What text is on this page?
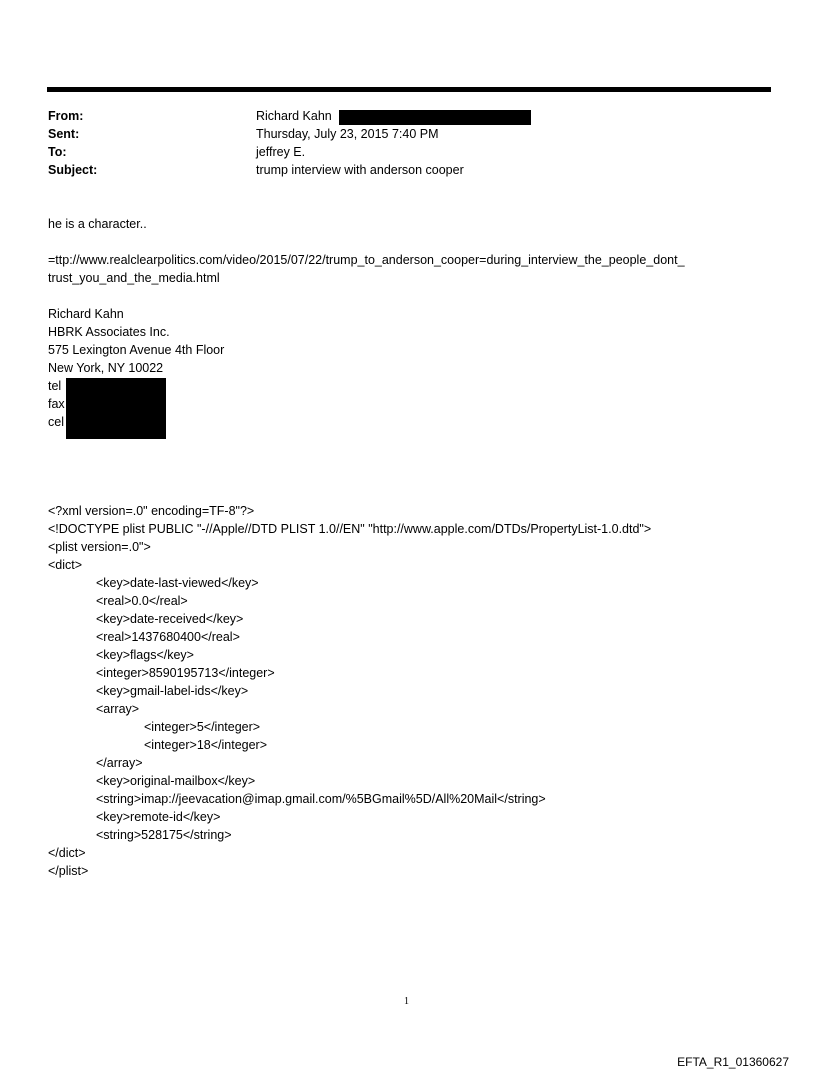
From:	Richard Kahn
Sent:	Thursday, July 23, 2015 7:40 PM
To:	jeffrey E.
Subject:	trump interview with anderson cooper
he is a character..
=ttp://www.realclearpolitics.com/video/2015/07/22/trump_to_anderson_cooper=during_interview_the_people_dont_
trust_you_and_the_media.html
Richard Kahn
HBRK Associates Inc.
575 Lexington Avenue 4th Floor
New York, NY 10022
tel
fax
cel
<?xml version=.0" encoding=TF-8"?>
<!DOCTYPE plist PUBLIC "-//Apple//DTD PLIST 1.0//EN" "http://www.apple.com/DTDs/PropertyList-1.0.dtd">
<plist version=.0">
<dict>
<key>date-last-viewed</key>
<real>0.0</real>
<key>date-received</key>
<real>1437680400</real>
<key>flags</key>
<integer>8590195713</integer>
<key>gmail-label-ids</key>
<array>
<integer>5</integer>
<integer>18</integer>
</array>
<key>original-mailbox</key>
<string>imap://jeevacation@imap.gmail.com/%5BGmail%5D/All%20Mail</string>
<key>remote-id</key>
<string>528175</string>
</dict>
</plist>
1
EFTA_R1_01360627
